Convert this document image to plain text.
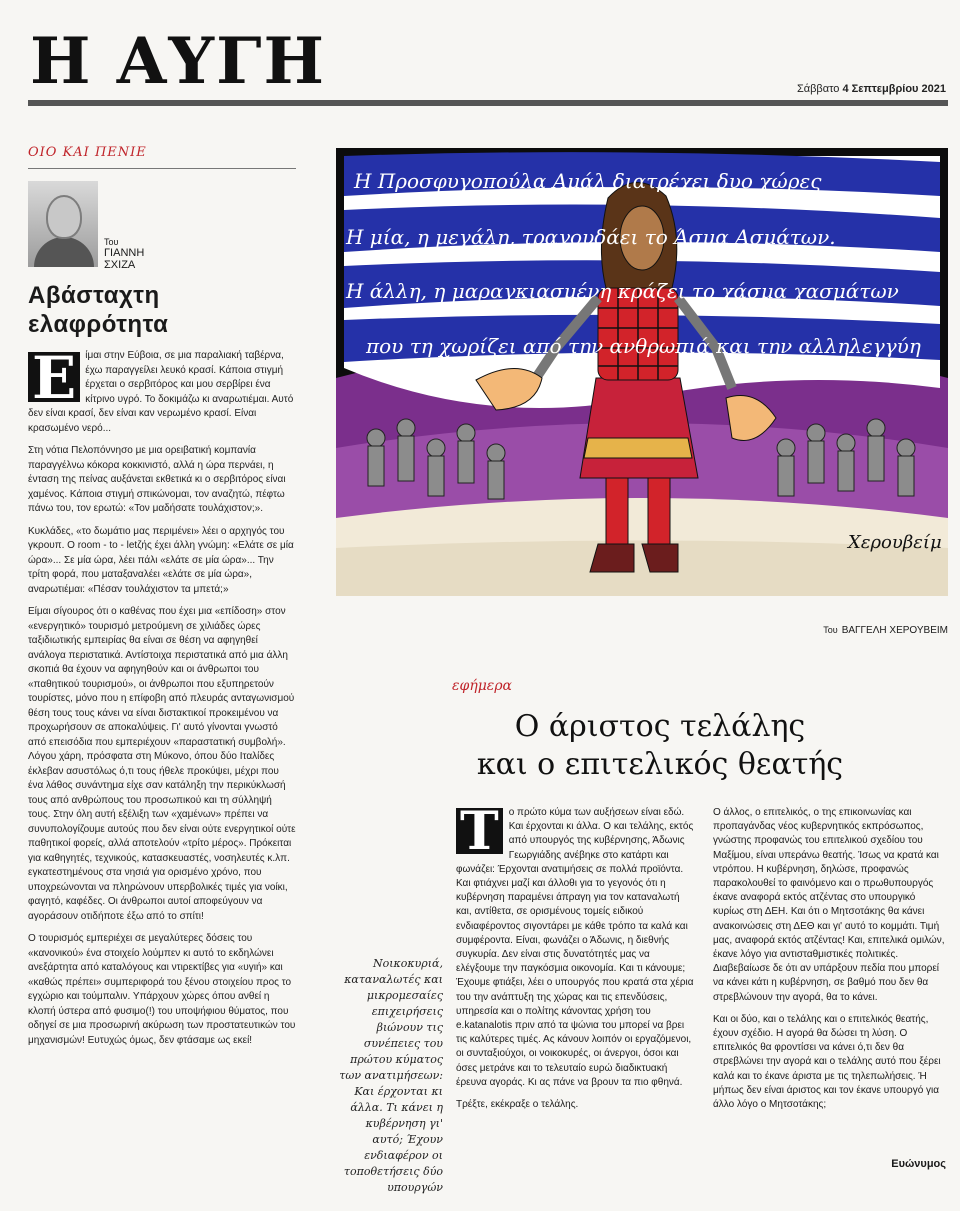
Η ΑΥΓΗ	Σάββατο 4 Σεπτεμβρίου 2021
ΟΙΟ ΚΑΙ ΠΕΝΙΕ
Του
ΓΙΑΝΝΗ
ΣΧΙΖΑ
Αβάσταχτη
ελαφρότητα

Ε ίμαι στην Εύβοια, σε μια παραλιακή ταβέρνα, έχω παραγγείλει λευκό κρασί. Κάποια στιγμή έρχεται ο σερβιτόρος και μου σερβίρει ένα κίτρινο υγρό. Το δοκιμάζω κι αναρωτιέμαι. Αυτό δεν είναι κρασί, δεν είναι καν νερωμένο κρασί. Είναι κρασωμένο νερό...

Στη νότια Πελοπόννησο με μια ορειβατική κομπανία παραγγέλνω κόκορα κοκκινιστό, αλλά η ώρα περνάει, η ένταση της πείνας αυξάνεται εκθετικά κι ο σερβιτόρος είναι χαμένος. Κάποια στιγμή σπικώνομαι, τον αναζητώ, πέφτω πάνω του, τον ερωτώ: «Τον μαδήσατε τουλάχιστον;».

Κυκλάδες, «το δωμάτιο μας περιμένει» λέει ο αρχηγός του γκρουπ. Ο room - to - letζής έχει άλλη γνώμη: «Ελάτε σε μία ώρα»... Σε μία ώρα, λέει πάλι «ελάτε σε μία ώρα»... Την τρίτη φορά, που ματαξαναλέει «ελάτε σε μία ώρα», αναρωτιέμαι: «Πέσαν τουλάχιστον τα μπετά;»

Είμαι σίγουρος ότι ο καθένας που έχει μια «επίδοση» στον «ενεργητικό» τουρισμό μετρούμενη σε χιλιάδες ώρες ταξιδιωτικής εμπειρίας θα είναι σε θέση να αφηγηθεί ανάλογα περιστατικά. Αντίστοιχα περιστατικά από μια άλλη σκοπιά θα έχουν να αφηγηθούν και οι άνθρωποι του «παθητικού τουρισμού», οι άνθρωποι που εξυπηρετούν τουρίστες, μόνο που η επίφοβη από πλευράς ανταγωνισμού θέση τους τους κάνει να είναι διστακτικοί προκειμένου να προχωρήσουν σε αποκαλύψεις. Γι' αυτό γίνονται γνωστό από επεισόδια που εμπεριέχουν «παραστατική συμβολή». Λόγου χάρη, πρόσφατα στη Μύκονο, όπου δύο Ιταλίδες έκλεβαν ασυστόλως ό,τι τους ήθελε προκύψει, μέχρι που ένα λάθος συνάντημα είχε σαν κατάληξη την περικύκλωσή τους από ανθρώπους του προσωπικού και τη σύλληψή τους. Στην όλη αυτή εξέλιξη των «χαμένων» πρέπει να συνυπολογίζουμε αυτούς που δεν είναι ούτε ενεργητικοί ούτε παθητικοί φορείς, αλλά αποτελούν «τρίτο μέρος». Πρόκειται για καθηγητές, τεχνικούς, κατασκευαστές, νοσηλευτές κ.λπ. εγκατεστημένους στα νησιά για ορισμένο χρόνο, που υποχρεώνονται να πληρώνουν υπερβολικές τιμές για νοίκι, φαγητό, καφέδες. Οι άνθρωποι αυτοί αποφεύγουν να αγοράσουν οτιδήποτε έξω από το σπίτι!

Ο τουρισμός εμπεριέχει σε μεγαλύτερες δόσεις του «κανονικού» ένα στοιχείο λούμπεν κι αυτό το εκδηλώνει ανεξάρτητα από καταλόγους και ντιρεκτίβες για «υγιή» και «καθώς πρέπει» συμπεριφορά του ξένου στοιχείου προς το εγχώριο και τούμπαλιν. Υπάρχουν χώρες όπου ανθεί η κλοπή ύστερα από φυσιμο(!) του υποψήφιου θύματος, που οδηγεί σε μια προσωρινή ακύρωση των προστατευτικών του μηχανισμών! Ευτυχώς όμως, δεν φτάσαμε ως εκεί!

Η Προσφυγοπούλα Αμάλ διατρέχει δυο χώρες
Η μία, η μεγάλη, τραγουδάει το Άσμα Ασμάτων.
Η άλλη, η μαραγκιασμένη κράζει το χάσμα χασμάτων
που τη χωρίζει από την ανθρωπιά και την αλληλεγγύη
Χερουβείμ
Του ΒΑΓΓΕΛΗ ΧΕΡΟΥΒΕΙΜ
εφήμερα
Ο άριστος τελάλης
και ο επιτελικός θεατής
Νοικοκυριά, καταναλωτές και μικρομεσαίες επιχειρήσεις βιώνουν τις συνέπειες του πρώτου κύματος των ανατιμήσεων: Και έρχονται κι άλλα. Τι κάνει η κυβέρνηση γι' αυτό; Έχουν ενδιαφέρον οι τοποθετήσεις δύο υπουργών

Τ	ο πρώτο κύμα των αυξήσεων είναι εδώ. Και έρχονται κι άλλα. Ο και τελάλης, εκτός από υπουργός της κυβέρνησης, Άδωνις Γεωργιάδης ανέβηκε στο κατάρτι και φωνάζει: Έρχονται ανατιμήσεις σε πολλά προϊόντα. Και φτιάχνει μαζί και άλλοθι για το γεγονός ότι η κυβέρνηση παραμένει άπραγη για τον καταναλωτή και, αντίθετα, σε ορισμένους τομείς ειδικού ενδιαφέροντος σιγοντάρει με κάθε τρόπο τα καλά και συμφέροντα. Είναι, φωνάζει ο Άδωνις, η διεθνής συγκυρία. Δεν είναι στις δυνατότητές μας να ελέγξουμε την παγκόσμια οικονομία. Και τι κάνουμε; Έχουμε φτιάξει, λέει ο υπουργός που κρατά στα χέρια του την ανάπτυξη της χώρας και τις επενδύσεις, υπηρεσία και ο πολίτης κάνοντας χρήση του e.katanalotis πριν από τα ψώνια του μπορεί να βρει τις καλύτερες τιμές. Ας κάνουν λοιπόν οι εργαζόμενοι, οι συνταξιούχοι, οι νοικοκυρές, οι άνεργοι, όσοι και όσες μετράνε και το τελευταίο ευρώ διαδικτυακή έρευνα αγοράς. Κι ας πάνε να βρουν τα πιο φθηνά.

Τρέξτε, εκέκραξε ο τελάλης.

Ο άλλος, ο επιτελικός, ο της επικοινωνίας και προπαγάνδας νέος κυβερνητικός εκπρόσωπος, γνώστης προφανώς του επιτελικού σχεδίου του Μαξίμου, είναι υπεράνω θεατής. Ίσως να κρατά και ντρόπου. Η κυβέρνηση, δηλώσε, προφανώς παρακολουθεί το φαινόμενο και ο πρωθυπουργός έκανε αναφορά εκτός ατζέντας στο υπουργικό κυρίως στη ΔΕΗ. Και ότι ο Μητσοτάκης θα κάνει ανακοινώσεις στη ΔΕΘ και γι' αυτό το κομμάτι. Τιμή μας, αναφορά εκτός ατζέντας! Και, επιτελικά ομιλών, έκανε λόγο για αντισταθμιστικές πολιτικές. Διαβεβαίωσε δε ότι αν υπάρξουν πεδία που μπορεί να κάνει κάτι η κυβέρνηση, σε βαθμό που δεν θα στρεβλώνουν την αγορά, θα το κάνει.

Και οι δύο, και ο τελάλης και ο επιτελικός θεατής, έχουν σχέδιο. Η αγορά θα δώσει τη λύση. Ο επιτελικός θα φροντίσει να κάνει ό,τι δεν θα στρεβλώνει την αγορά και ο τελάλης αυτό που ξέρει καλά και το έκανε άριστα με τις τηλεπωλήσεις. Ή μήπως δεν είναι άριστος και τον έκανε υπουργό για άλλο λόγο ο Μητσοτάκης;

Ευώνυμος
